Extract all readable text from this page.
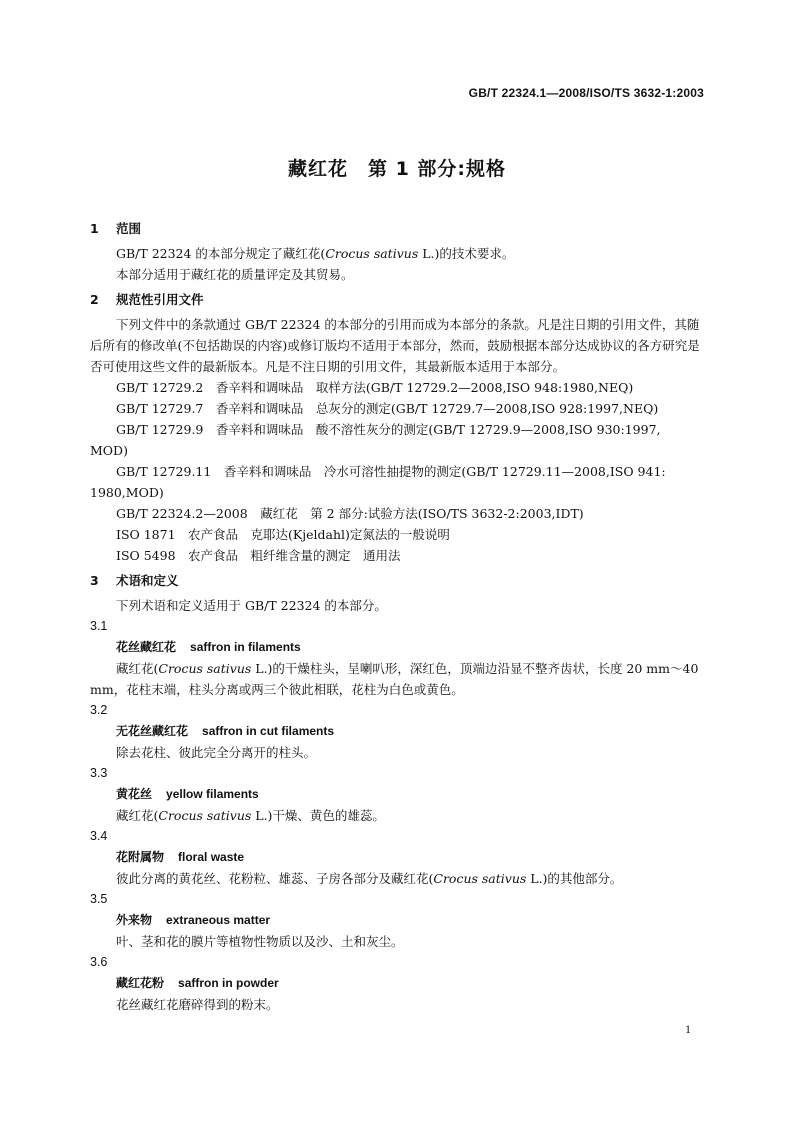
GB/T 22324.1—2008/ISO/TS 3632-1:2003
藏红花　第 1 部分:规格

1 范围

GB/T 22324 的本部分规定了藏红花(Crocus sativus L.)的技术要求。

本部分适用于藏红花的质量评定及其贸易。

2 规范性引用文件

下列文件中的条款通过 GB/T 22324 的本部分的引用而成为本部分的条款。凡是注日期的引用文件，其随后所有的修改单(不包括勘误的内容)或修订版均不适用于本部分，然而，鼓励根据本部分达成协议的各方研究是否可使用这些文件的最新版本。凡是不注日期的引用文件，其最新版本适用于本部分。

GB/T 12729.2　香辛料和调味品　取样方法(GB/T 12729.2—2008,ISO 948:1980,NEQ)

GB/T 12729.7　香辛料和调味品　总灰分的测定(GB/T 12729.7—2008,ISO 928:1997,NEQ)

GB/T 12729.9　香辛料和调味品　酸不溶性灰分的测定(GB/T 12729.9—2008,ISO 930:1997,

MOD)

GB/T 12729.11　香辛料和调味品　冷水可溶性抽提物的测定(GB/T 12729.11—2008,ISO 941:

1980,MOD)

GB/T 22324.2—2008　藏红花　第 2 部分:试验方法(ISO/TS 3632-2:2003,IDT)

ISO 1871　农产食品　克耶达(Kjeldahl)定氮法的一般说明

ISO 5498　农产食品　粗纤维含量的测定　通用法

3 术语和定义

下列术语和定义适用于 GB/T 22324 的本部分。

3.1

花丝藏红花 saffron in filaments

藏红花(Crocus sativus L.)的干燥柱头，呈喇叭形，深红色，顶端边沿显不整齐齿状，长度 20 mm～40 mm，花柱末端，柱头分离或两三个彼此相联，花柱为白色或黄色。

3.2

无花丝藏红花 saffron in cut filaments

除去花柱、彼此完全分离开的柱头。

3.3

黄花丝 yellow filaments

藏红花(Crocus sativus L.)干燥、黄色的雄蕊。

3.4

花附属物 floral waste

彼此分离的黄花丝、花粉粒、雄蕊、子房各部分及藏红花(Crocus sativus L.)的其他部分。

3.5

外来物 extraneous matter

叶、茎和花的膜片等植物性物质以及沙、土和灰尘。

3.6

藏红花粉 saffron in powder

花丝藏红花磨碎得到的粉末。

1
